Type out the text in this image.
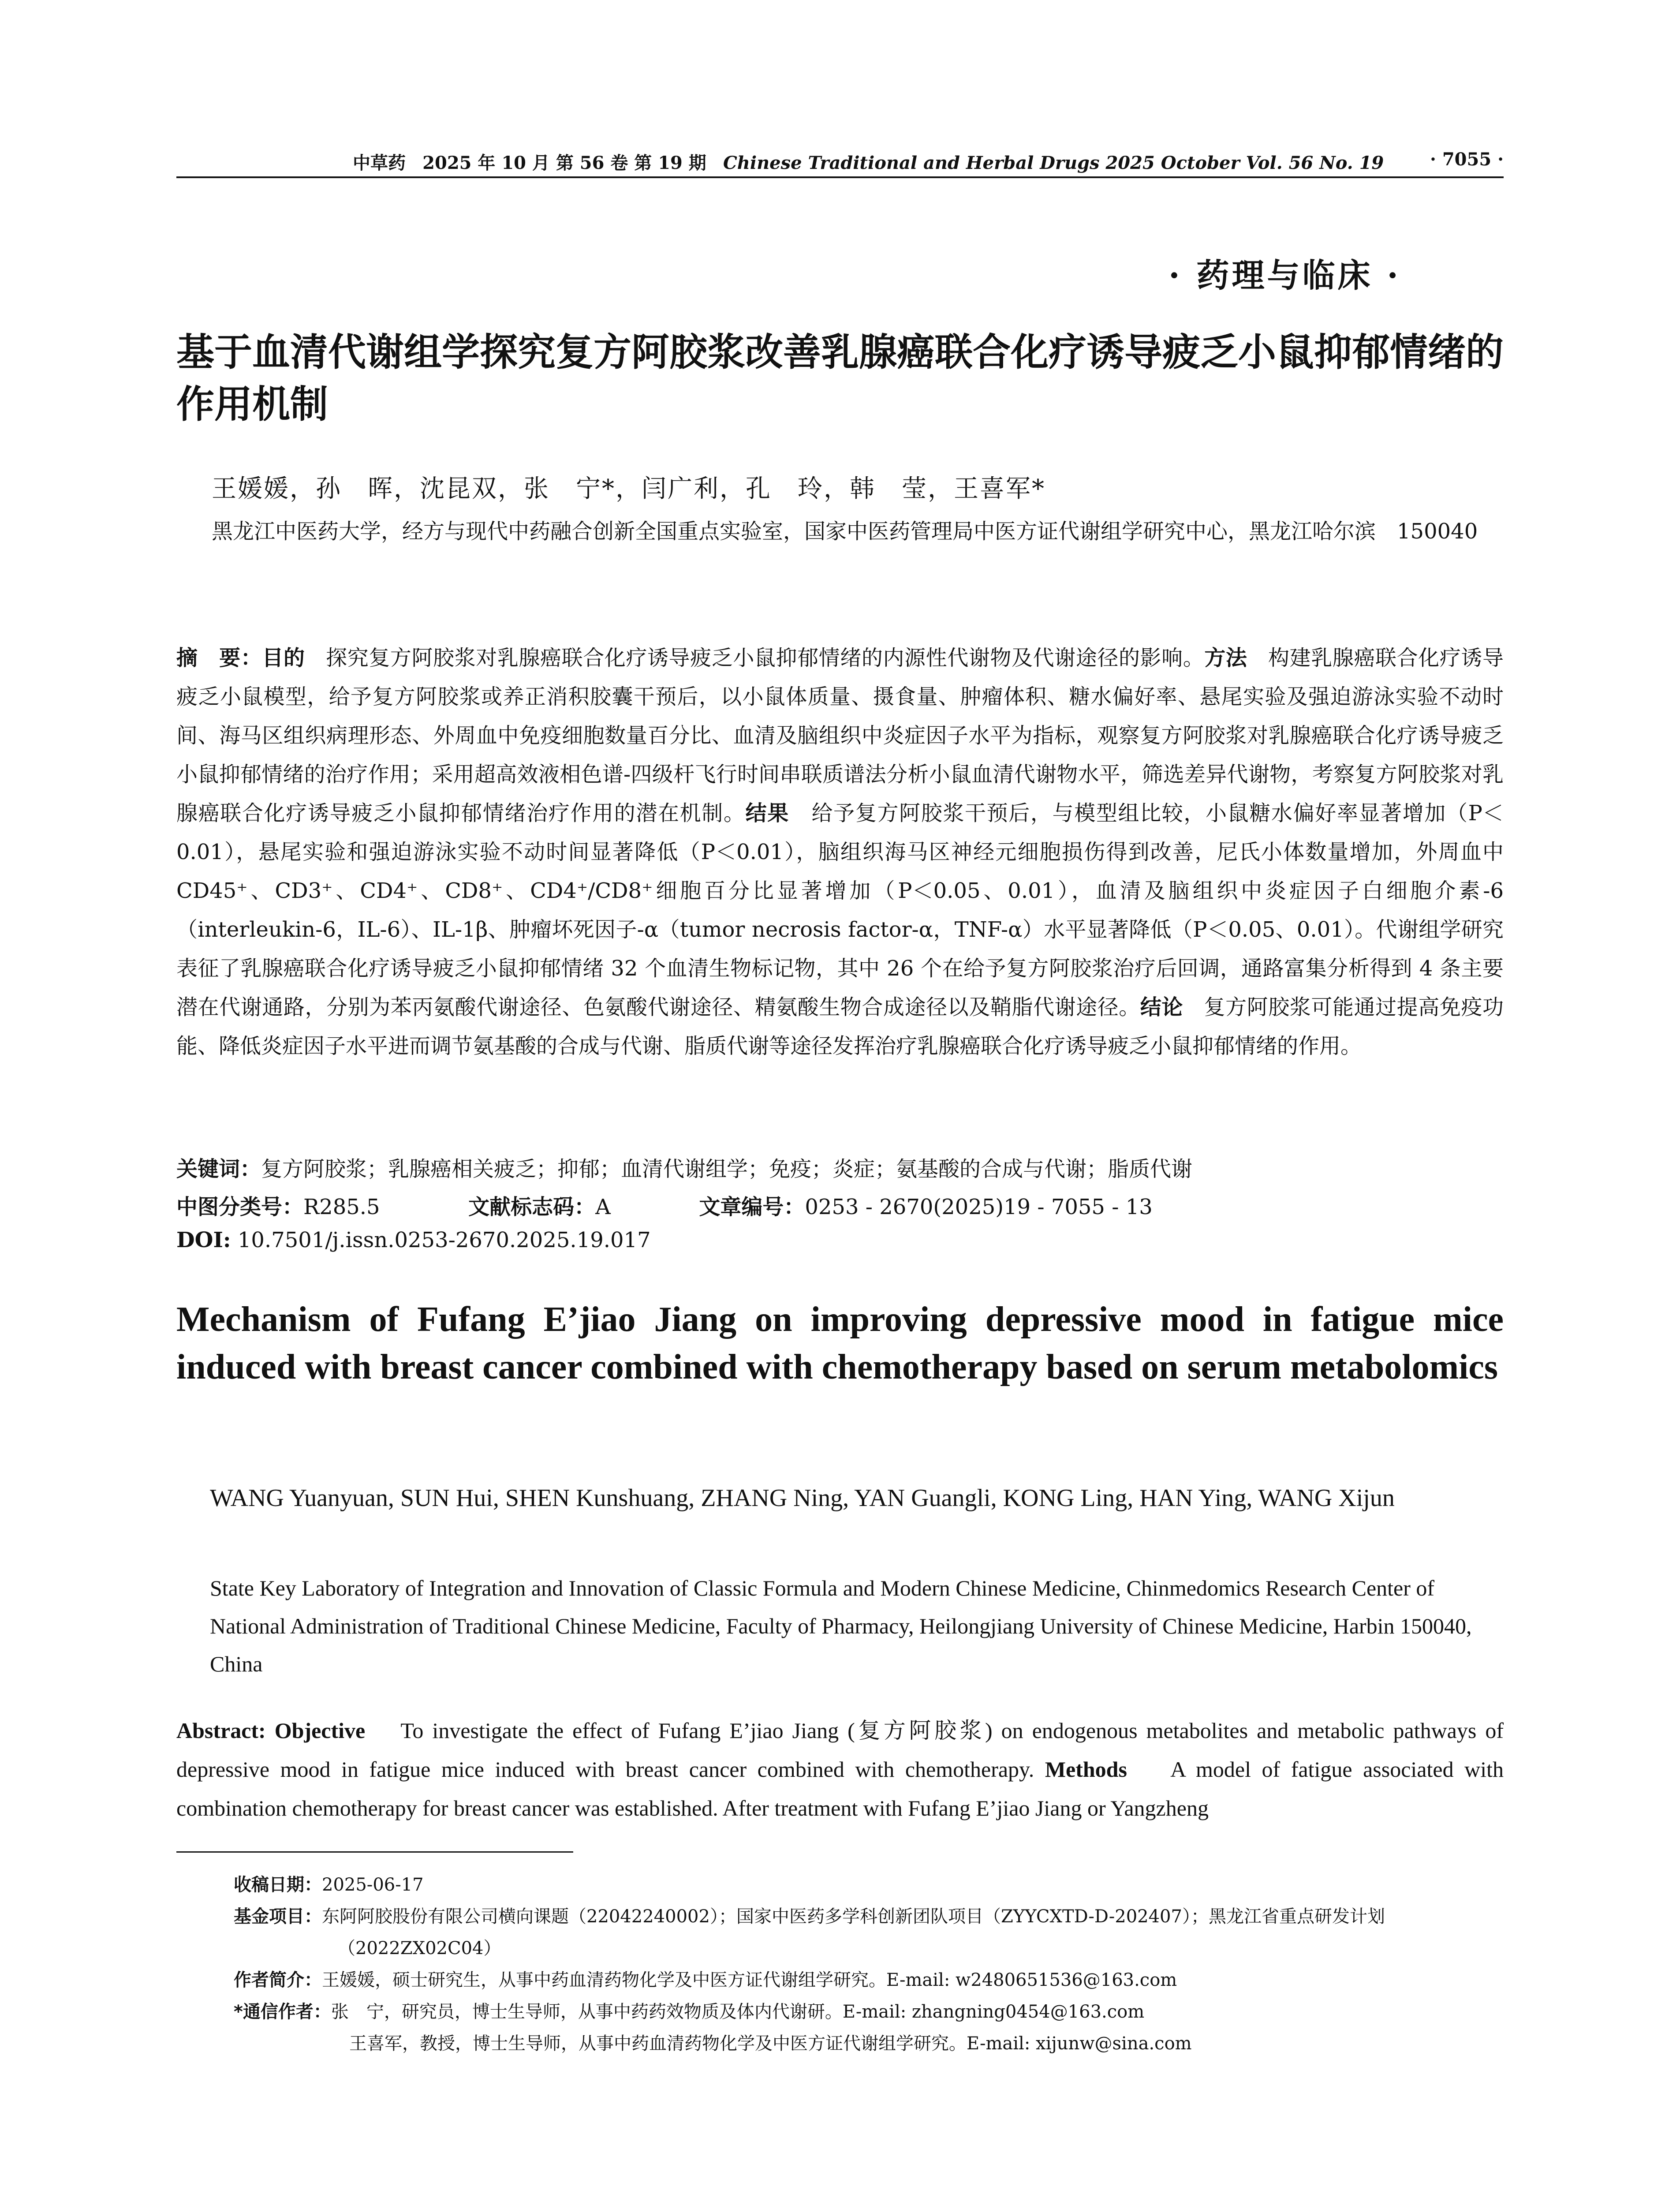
中草药 2025 年 10 月 第 56 卷 第 19 期 Chinese Traditional and Herbal Drugs 2025 October Vol. 56 No. 19	· 7055 ·
· 药理与临床 ·
基于血清代谢组学探究复方阿胶浆改善乳腺癌联合化疗诱导疲乏小鼠抑郁情绪的作用机制
王媛媛，孙　晖，沈昆双，张　宁*，闫广利，孔　玲，韩　莹，王喜军*
黑龙江中医药大学，经方与现代中药融合创新全国重点实验室，国家中医药管理局中医方证代谢组学研究中心，黑龙江哈尔滨　150040
摘　要：目的 探究复方阿胶浆对乳腺癌联合化疗诱导疲乏小鼠抑郁情绪的内源性代谢物及代谢途径的影响。方法 构建乳腺癌联合化疗诱导疲乏小鼠模型，给予复方阿胶浆或养正消积胶囊干预后，以小鼠体质量、摄食量、肿瘤体积、糖水偏好率、悬尾实验及强迫游泳实验不动时间、海马区组织病理形态、外周血中免疫细胞数量百分比、血清及脑组织中炎症因子水平为指标，观察复方阿胶浆对乳腺癌联合化疗诱导疲乏小鼠抑郁情绪的治疗作用；采用超高效液相色谱-四级杆飞行时间串联质谱法分析小鼠血清代谢物水平，筛选差异代谢物，考察复方阿胶浆对乳腺癌联合化疗诱导疲乏小鼠抑郁情绪治疗作用的潜在机制。结果 给予复方阿胶浆干预后，与模型组比较，小鼠糖水偏好率显著增加（P＜0.01），悬尾实验和强迫游泳实验不动时间显著降低（P＜0.01），脑组织海马区神经元细胞损伤得到改善，尼氏小体数量增加，外周血中 CD45⁺、CD3⁺、CD4⁺、CD8⁺、CD4⁺/CD8⁺细胞百分比显著增加（P＜0.05、0.01），血清及脑组织中炎症因子白细胞介素-6（interleukin-6，IL-6）、IL-1β、肿瘤坏死因子-α（tumor necrosis factor-α，TNF-α）水平显著降低（P＜0.05、0.01）。代谢组学研究表征了乳腺癌联合化疗诱导疲乏小鼠抑郁情绪 32 个血清生物标记物，其中 26 个在给予复方阿胶浆治疗后回调，通路富集分析得到 4 条主要潜在代谢通路，分别为苯丙氨酸代谢途径、色氨酸代谢途径、精氨酸生物合成途径以及鞘脂代谢途径。结论 复方阿胶浆可能通过提高免疫功能、降低炎症因子水平进而调节氨基酸的合成与代谢、脂质代谢等途径发挥治疗乳腺癌联合化疗诱导疲乏小鼠抑郁情绪的作用。
关键词：复方阿胶浆；乳腺癌相关疲乏；抑郁；血清代谢组学；免疫；炎症；氨基酸的合成与代谢；脂质代谢
中图分类号：R285.5	文献标志码：A	文章编号：0253 - 2670(2025)19 - 7055 - 13
DOI: 10.7501/j.issn.0253-2670.2025.19.017
Mechanism of Fufang E’jiao Jiang on improving depressive mood in fatigue mice induced with breast cancer combined with chemotherapy based on serum metabolomics
WANG Yuanyuan, SUN Hui, SHEN Kunshuang, ZHANG Ning, YAN Guangli, KONG Ling, HAN Ying, WANG Xijun
State Key Laboratory of Integration and Innovation of Classic Formula and Modern Chinese Medicine, Chinmedomics Research Center of National Administration of Traditional Chinese Medicine, Faculty of Pharmacy, Heilongjiang University of Chinese Medicine, Harbin 150040, China
Abstract: Objective To investigate the effect of Fufang E’jiao Jiang (复方阿胶浆) on endogenous metabolites and metabolic pathways of depressive mood in fatigue mice induced with breast cancer combined with chemotherapy. Methods A model of fatigue associated with combination chemotherapy for breast cancer was established. After treatment with Fufang E’jiao Jiang or Yangzheng
收稿日期：2025-06-17
基金项目：东阿阿胶股份有限公司横向课题（22042240002）；国家中医药多学科创新团队项目（ZYYCXTD-D-202407）；黑龙江省重点研发计划（2022ZX02C04）
作者简介：王媛媛，硕士研究生，从事中药血清药物化学及中医方证代谢组学研究。E-mail: w2480651536@163.com
*通信作者：张　宁，研究员，博士生导师，从事中药药效物质及体内代谢研。E-mail: zhangning0454@163.com
王喜军，教授，博士生导师，从事中药血清药物化学及中医方证代谢组学研究。E-mail: xijunw@sina.com
